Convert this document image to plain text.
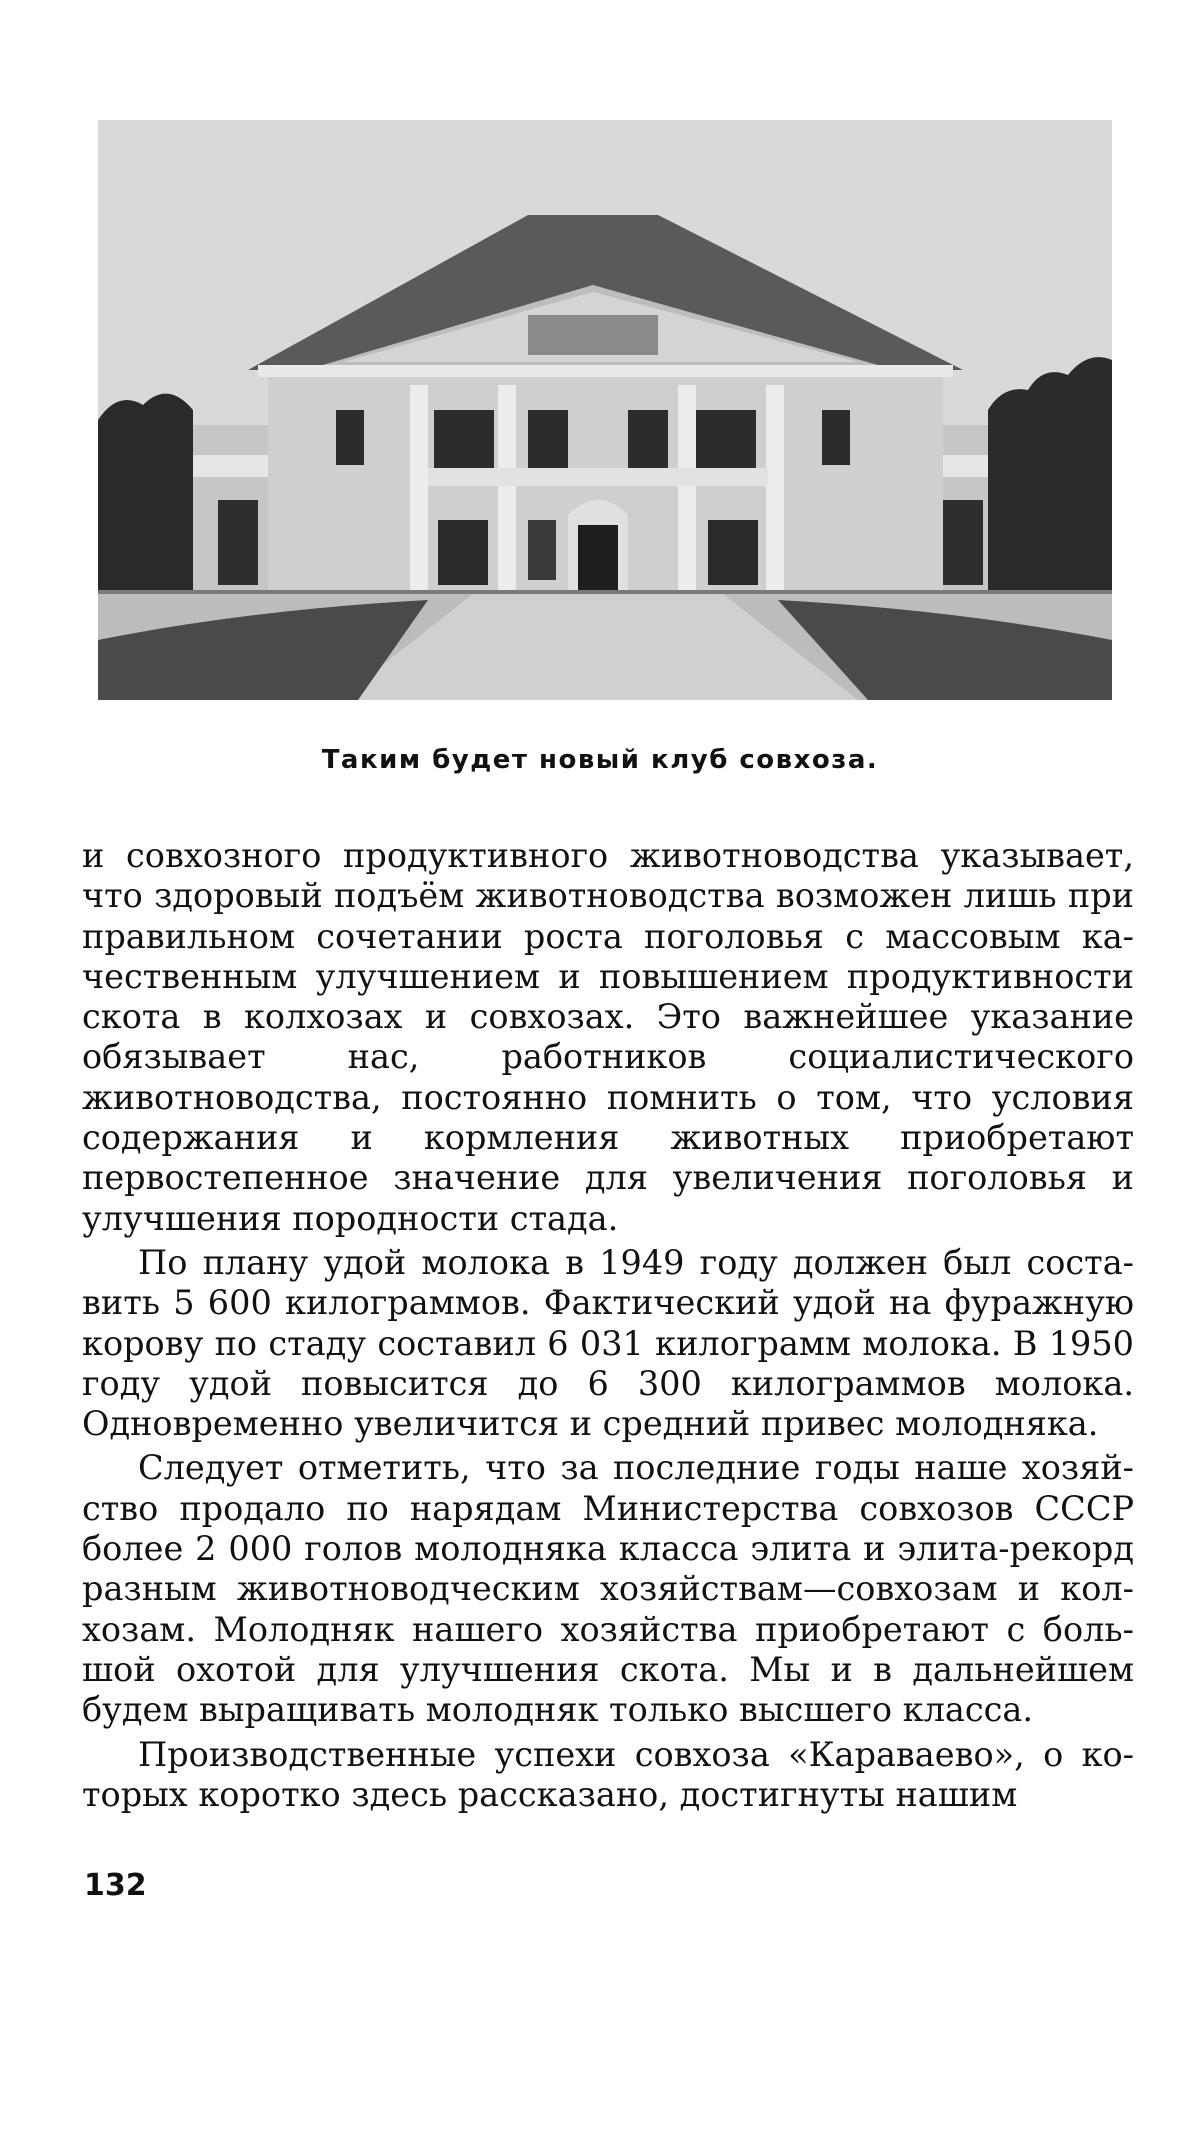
Таким будет новый клуб совхоза.

и совхозного продуктивного животноводства указывает, что здоровый подъём животноводства возможен лишь при правильном сочетании роста поголовья с массовым качественным улучшением и повышением продуктивности скота в колхозах и совхозах. Это важнейшее указание обязывает нас, работников социалистического животноводства, постоянно помнить о том, что условия содержания и кормления животных приобретают первостепенное значение для увеличения поголовья и улучшения породности стада.

По плану удой молока в 1949 году должен был составить 5 600 килограммов. Фактический удой на фуражную корову по стаду составил 6 031 килограмм молока. В 1950 году удой повысится до 6 300 килограммов молока. Одновременно увеличится и средний привес молодняка.

Следует отметить, что за последние годы наше хозяйство продало по нарядам Министерства совхозов СССР более 2 000 голов молодняка класса элита и элита-рекорд разным животноводческим хозяйствам—совхозам и колхозам. Молодняк нашего хозяйства приобретают с большой охотой для улучшения скота. Мы и в дальнейшем будем выращивать молодняк только высшего класса.

Производственные успехи совхоза «Караваево», о которых коротко здесь рассказано, достигнуты нашим

132
